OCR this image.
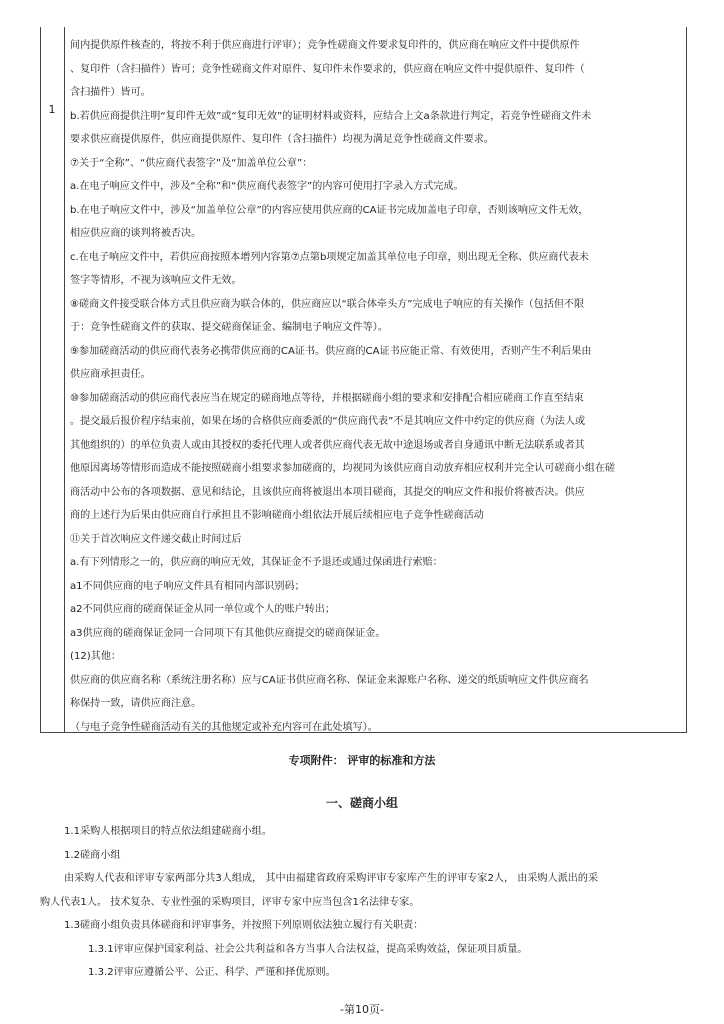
1

间内提供原件核查的，将按不利于供应商进行评审）；竞争性磋商文件要求复印件的，供应商在响应文件中提供原件

、复印件（含扫描件）皆可；竞争性磋商文件对原件、复印件未作要求的，供应商在响应文件中提供原件、复印件（

含扫描件）皆可。

b.若供应商提供注明“复印件无效”或“复印无效”的证明材料或资料，应结合上文a条款进行判定，若竞争性磋商文件未

要求供应商提供原件，供应商提供原件、复印件（含扫描件）均视为满足竞争性磋商文件要求。

⑦关于“全称”、“供应商代表签字”及“加盖单位公章”：

a.在电子响应文件中，涉及“全称”和“供应商代表签字”的内容可使用打字录入方式完成。

b.在电子响应文件中，涉及“加盖单位公章”的内容应使用供应商的CA证书完成加盖电子印章，否则该响应文件无效，

相应供应商的谈判将被否决。

c.在电子响应文件中，若供应商按照本增列内容第⑦点第b项规定加盖其单位电子印章，则出现无全称、供应商代表未

签字等情形，不视为该响应文件无效。

⑧磋商文件接受联合体方式且供应商为联合体的，供应商应以“联合体牵头方”完成电子响应的有关操作（包括但不限

于：竞争性磋商文件的获取、提交磋商保证金、编制电子响应文件等）。

⑨参加磋商活动的供应商代表务必携带供应商的CA证书。供应商的CA证书应能正常、有效使用，否则产生不利后果由

供应商承担责任。

⑩参加磋商活动的供应商代表应当在规定的磋商地点等待，并根据磋商小组的要求和安排配合相应磋商工作直至结束

。提交最后报价程序结束前，如果在场的合格供应商委派的“供应商代表”不是其响应文件中约定的供应商（为法人或

其他组织的）的单位负责人或由其授权的委托代理人或者供应商代表无故中途退场或者自身通讯中断无法联系或者其

他原因离场等情形而造成不能按照磋商小组要求参加磋商的，均视同为该供应商自动放弃相应权利并完全认可磋商小组在磋

商活动中公布的各项数据、意见和结论，且该供应商将被退出本项目磋商，其提交的响应文件和报价将被否决。供应

商的上述行为后果由供应商自行承担且不影响磋商小组依法开展后续相应电子竞争性磋商活动

⑪关于首次响应文件递交截止时间过后

a.有下列情形之一的，供应商的响应无效，其保证金不予退还或通过保函进行索赔：

a1不同供应商的电子响应文件具有相同内部识别码；

a2不同供应商的磋商保证金从同一单位或个人的账户转出；

a3供应商的磋商保证金同一合同项下有其他供应商提交的磋商保证金。

(12)其他：

供应商的供应商名称（系统注册名称）应与CA证书供应商名称、保证金来源账户名称、递交的纸质响应文件供应商名

称保持一致，请供应商注意。

（与电子竞争性磋商活动有关的其他规定或补充内容可在此处填写）。

专项附件： 评审的标准和方法
一、磋商小组

1.1采购人根据项目的特点依法组建磋商小组。

1.2磋商小组

由采购人代表和评审专家两部分共3人组成， 其中由福建省政府采购评审专家库产生的评审专家2人， 由采购人派出的采

购人代表1人。 技术复杂、专业性强的采购项目，评审专家中应当包含1名法律专家。

1.3磋商小组负责具体磋商和评审事务，并按照下列原则依法独立履行有关职责：

1.3.1评审应保护国家利益、社会公共利益和各方当事人合法权益，提高采购效益，保证项目质量。

1.3.2评审应遵循公平、公正、科学、严谨和择优原则。

-第10页-
